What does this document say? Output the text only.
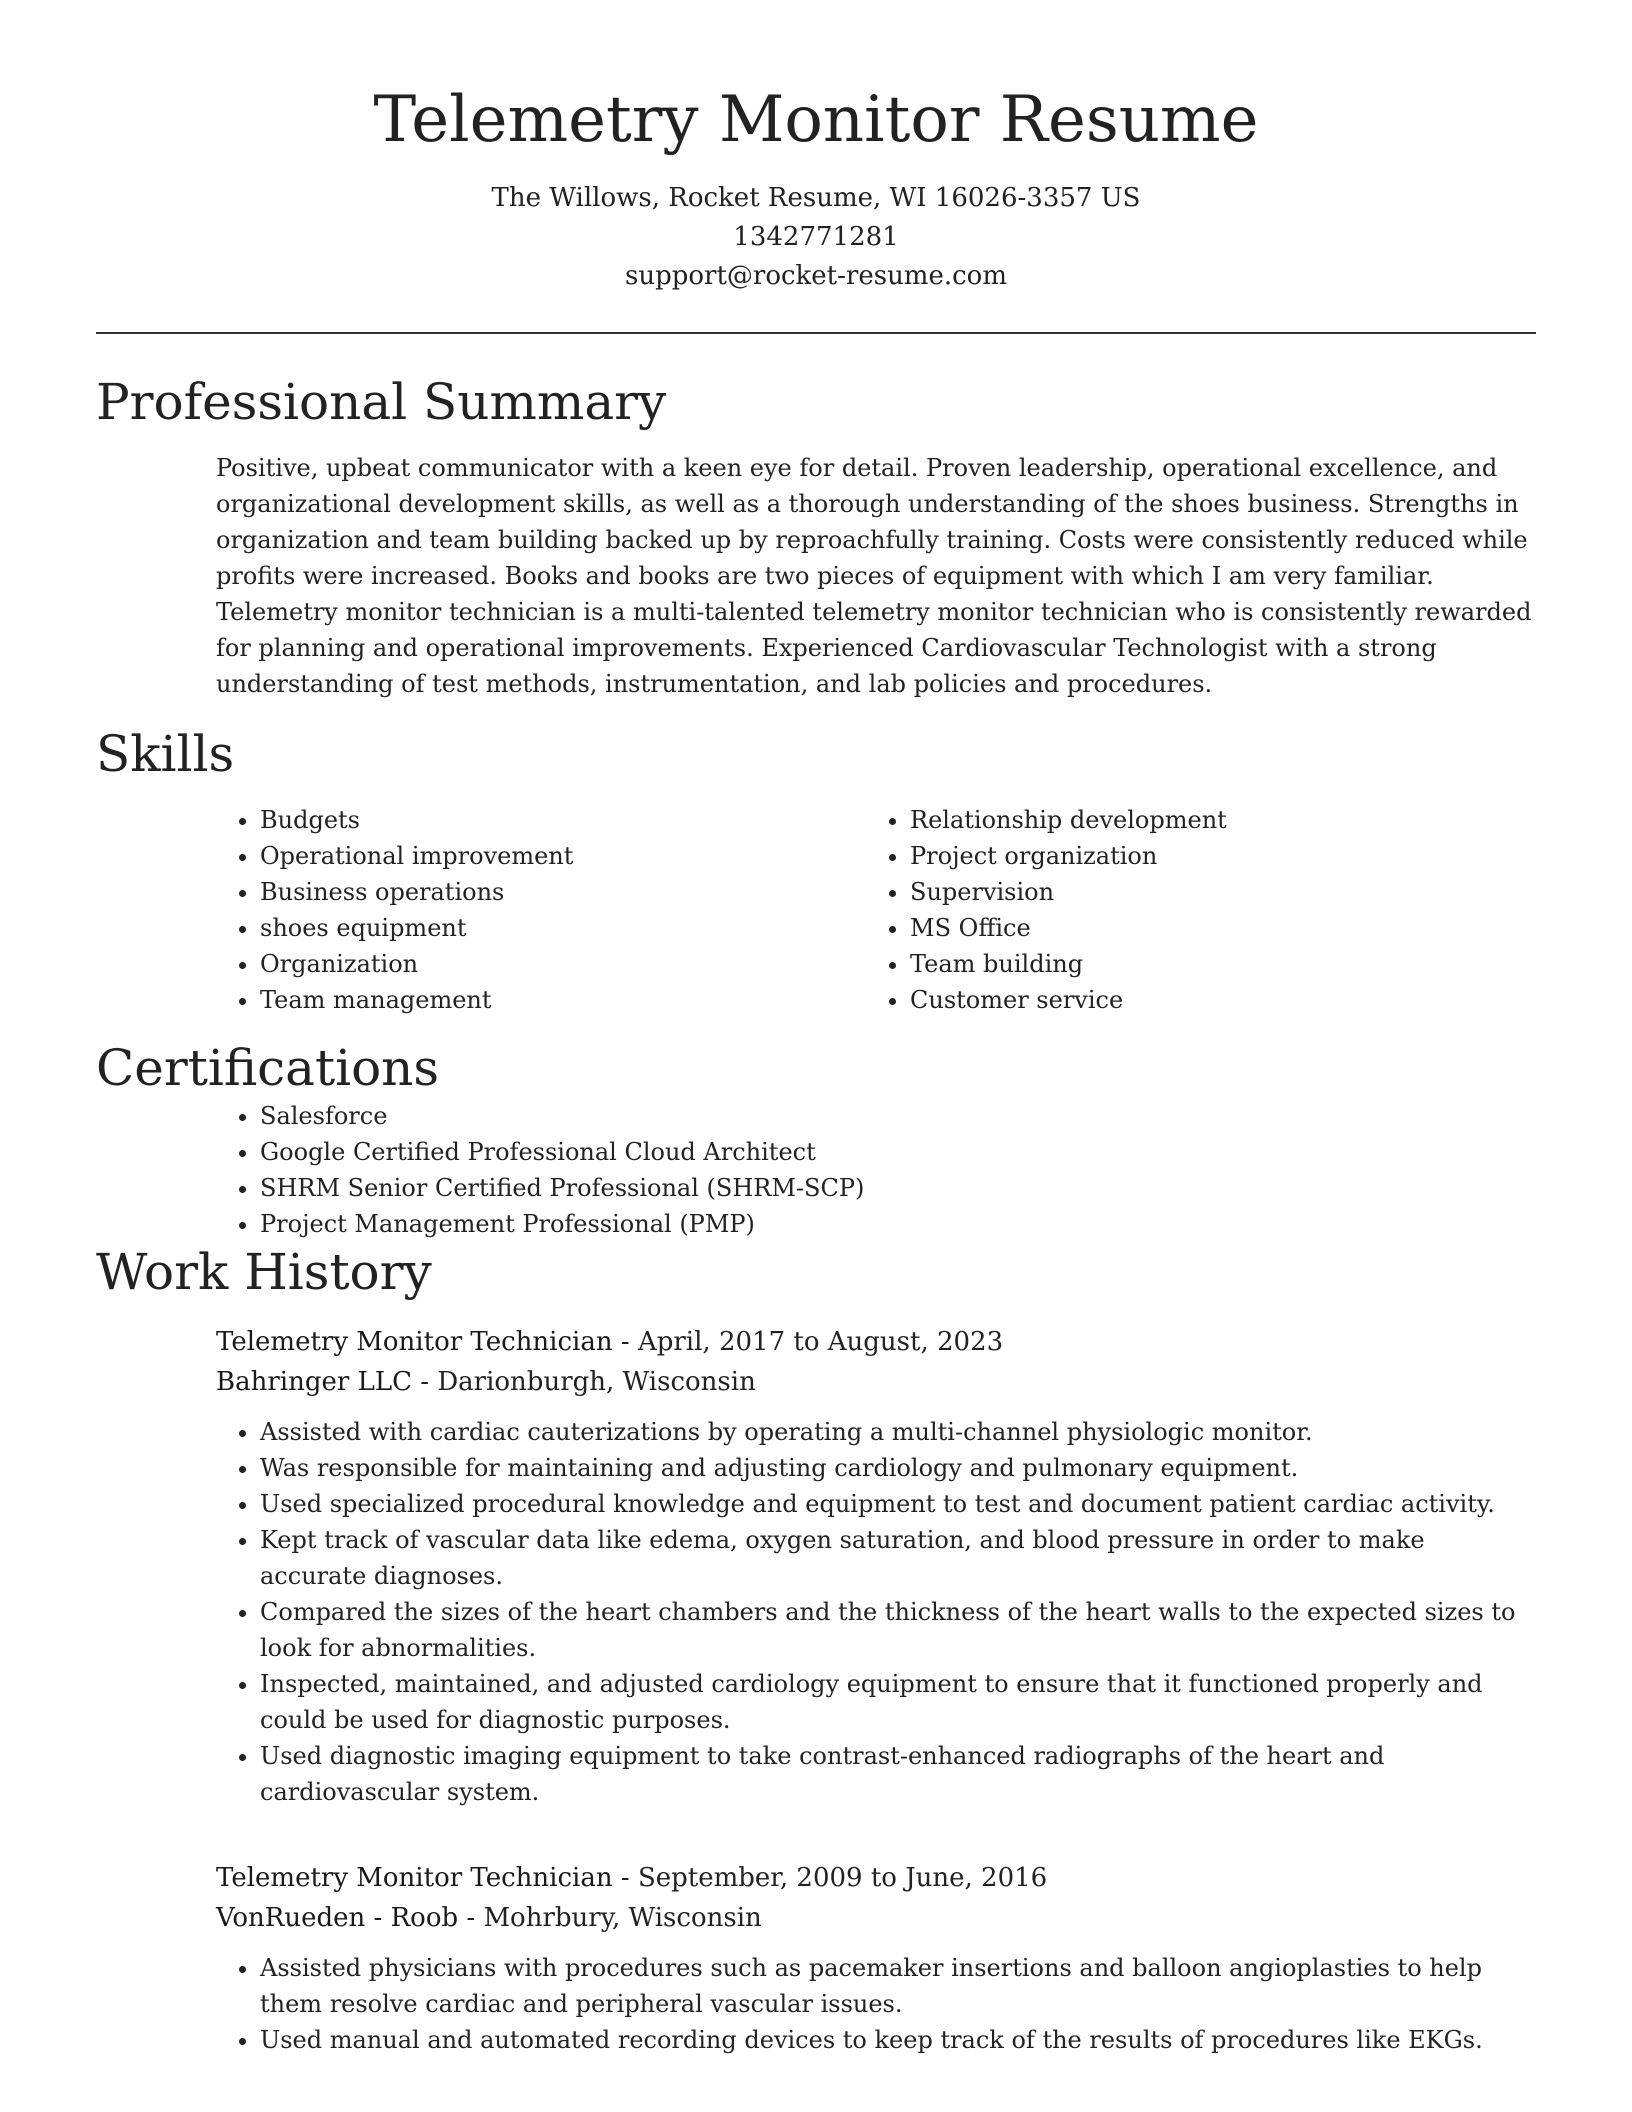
Telemetry Monitor Resume
The Willows, Rocket Resume, WI 16026-3357 US
1342771281
support@rocket-resume.com
Professional Summary

Positive, upbeat communicator with a keen eye for detail. Proven leadership, operational excellence, and organizational development skills, as well as a thorough understanding of the shoes business. Strengths in organization and team building backed up by reproachfully training. Costs were consistently reduced while profits were increased. Books and books are two pieces of equipment with which I am very familiar. Telemetry monitor technician is a multi-talented telemetry monitor technician who is consistently rewarded for planning and operational improvements. Experienced Cardiovascular Technologist with a strong understanding of test methods, instrumentation, and lab policies and procedures.

Skills
• Budgets
• Operational improvement
• Business operations
• shoes equipment
• Organization
• Team management
• Relationship development
• Project organization
• Supervision
• MS Office
• Team building
• Customer service
Certifications
• Salesforce
• Google Certified Professional Cloud Architect
• SHRM Senior Certified Professional (SHRM-SCP)
• Project Management Professional (PMP)
Work History
Telemetry Monitor Technician - April, 2017 to August, 2023
Bahringer LLC - Darionburgh, Wisconsin
• Assisted with cardiac cauterizations by operating a multi-channel physiologic monitor.
• Was responsible for maintaining and adjusting cardiology and pulmonary equipment.
• Used specialized procedural knowledge and equipment to test and document patient cardiac activity.
• Kept track of vascular data like edema, oxygen saturation, and blood pressure in order to make accurate diagnoses.
• Compared the sizes of the heart chambers and the thickness of the heart walls to the expected sizes to look for abnormalities.
• Inspected, maintained, and adjusted cardiology equipment to ensure that it functioned properly and could be used for diagnostic purposes.
• Used diagnostic imaging equipment to take contrast-enhanced radiographs of the heart and cardiovascular system.
Telemetry Monitor Technician - September, 2009 to June, 2016
VonRueden - Roob - Mohrbury, Wisconsin
• Assisted physicians with procedures such as pacemaker insertions and balloon angioplasties to help them resolve cardiac and peripheral vascular issues.
• Used manual and automated recording devices to keep track of the results of procedures like EKGs.
